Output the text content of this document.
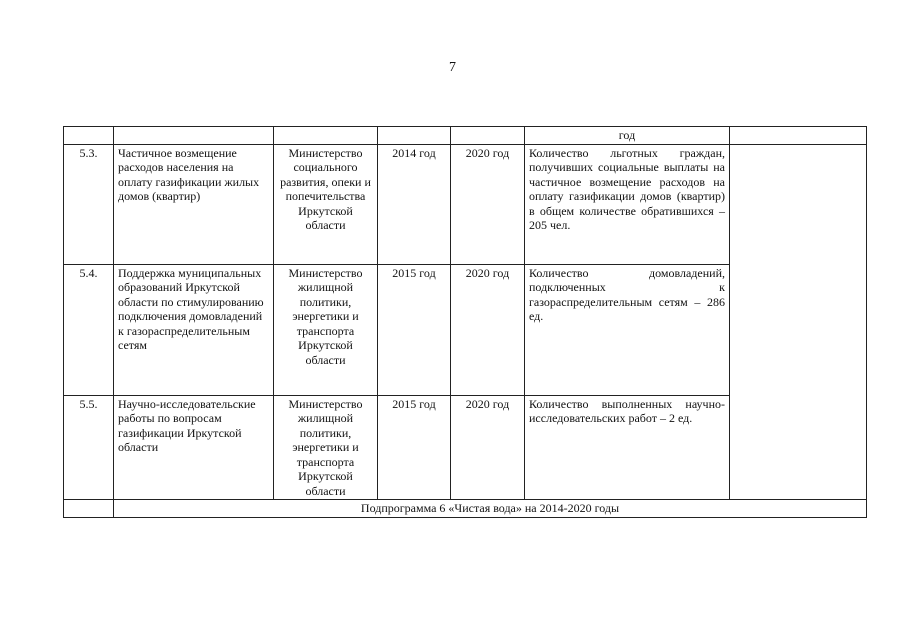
7
					год	
5.3.	Частичное возмещение расходов населения на оплату газификации жилых домов (квартир)	Министерство социального развития, опеки и попечительства Иркутской области	2014 год	2020 год	Количество льготных граждан, получивших социальные выплаты на частичное возмещение расходов на оплату газификации домов (квартир) в общем количестве обратившихся – 205 чел.	
5.4.	Поддержка муниципальных образований Иркутской области по стимулированию подключения домовладений к газораспределительным сетям	Министерство жилищной политики, энергетики и транспорта Иркутской области	2015 год	2020 год	Количество домовладений, подключенных к газораспределительным сетям – 286 ед.	
5.5.	Научно-исследовательские работы по вопросам газификации Иркутской области	Министерство жилищной политики, энергетики и транспорта Иркутской области	2015 год	2020 год	Количество выполненных научно-исследовательских работ – 2 ед.	
	Подпрограмма 6 «Чистая вода» на 2014-2020 годы					
